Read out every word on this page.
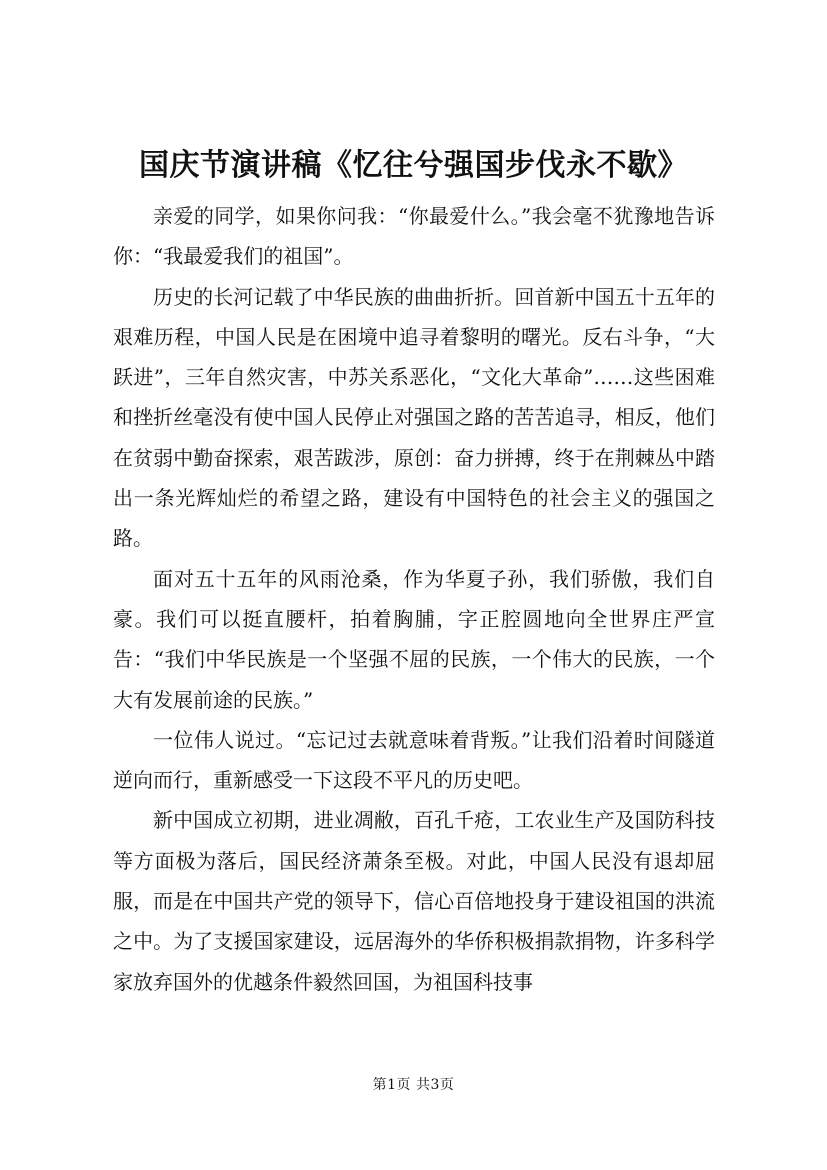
国庆节演讲稿《忆往兮强国步伐永不歇》

亲爱的同学，如果你问我：“你最爱什么。”我会毫不犹豫地告诉你：“我最爱我们的祖国”。

历史的长河记载了中华民族的曲曲折折。回首新中国五十五年的艰难历程，中国人民是在困境中追寻着黎明的曙光。反右斗争，“大跃进”，三年自然灾害，中苏关系恶化，“文化大革命”……这些困难和挫折丝毫没有使中国人民停止对强国之路的苦苦追寻，相反，他们在贫弱中勤奋探索，艰苦跋涉，原创：奋力拼搏，终于在荆棘丛中踏出一条光辉灿烂的希望之路，建设有中国特色的社会主义的强国之路。

面对五十五年的风雨沧桑，作为华夏子孙，我们骄傲，我们自豪。我们可以挺直腰杆，拍着胸脯，字正腔圆地向全世界庄严宣告：“我们中华民族是一个坚强不屈的民族，一个伟大的民族，一个大有发展前途的民族。”

一位伟人说过。“忘记过去就意味着背叛。”让我们沿着时间隧道逆向而行，重新感受一下这段不平凡的历史吧。

新中国成立初期，进业凋敝，百孔千疮，工农业生产及国防科技等方面极为落后，国民经济萧条至极。对此，中国人民没有退却屈服，而是在中国共产党的领导下，信心百倍地投身于建设祖国的洪流之中。为了支援国家建设，远居海外的华侨积极捐款捐物，许多科学家放弃国外的优越条件毅然回国，为祖国科技事

第1页 共3页
